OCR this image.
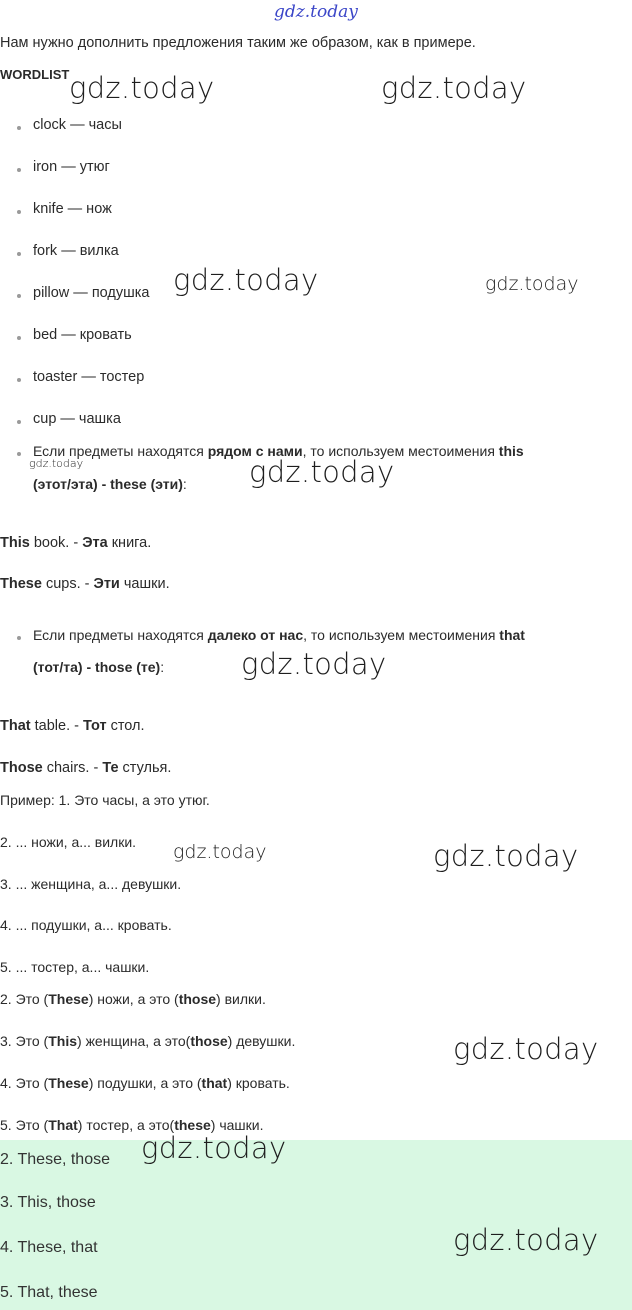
gdz.today
Нам нужно дополнить предложения таким же образом, как в примере.
WORDLIST
clock — часы
iron — утюг
knife — нож
fork — вилка
pillow — подушка
bed — кровать
toaster — тостер
cup — чашка
Если предметы находятся рядом с нами, то используем местоимения this
(этот/эта) - these (эти):
This book. - Эта книга.
These cups. - Эти чашки.
Если предметы находятся далеко от нас, то используем местоимения that
(тот/та) - those (те):
That table. - Тот стол.
Those chairs. - Те стулья.
Пример: 1. Это часы, а это утюг.
2. ... ножи, а... вилки.
3. ... женщина, а... девушки.
4. ... подушки, а... кровать.
5. ... тостер, а... чашки.
2. Это (These) ножи, а это (those) вилки.
3. Это (This) женщина, а это(those) девушки.
4. Это (These) подушки, а это (that) кровать.
5. Это (That) тостер, а это(these) чашки.
2. These, those
3. This, those
4. These, that
5. That, these
gdz.today	gdz.today
gdz.today	gdz.today
gdz.today	gdz.today
gdz.today
gdz.today	gdz.today
gdz.today
gdz.today
gdz.today
